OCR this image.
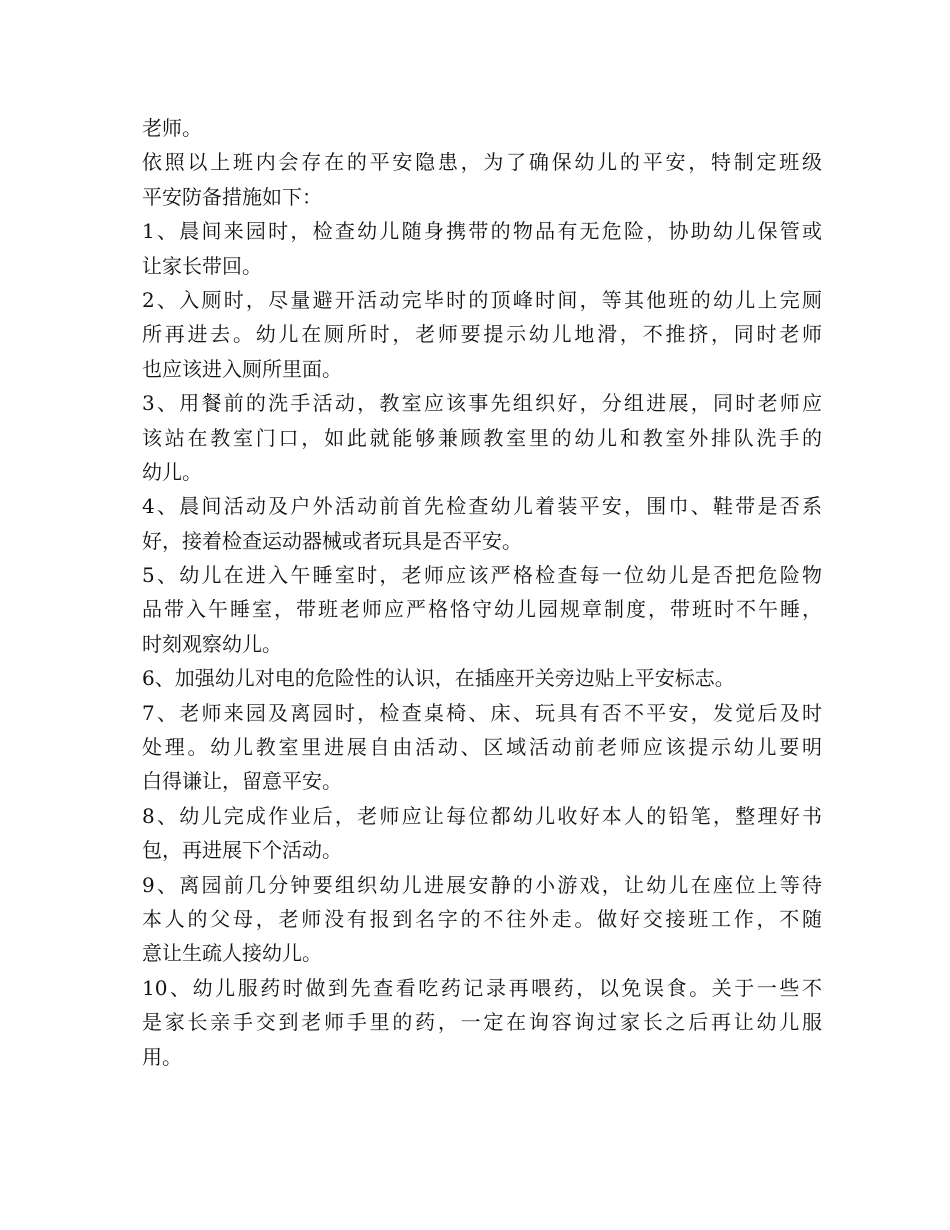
老师。
依照以上班内会存在的平安隐患，为了确保幼儿的平安，特制定班级
平安防备措施如下：
1、晨间来园时，检查幼儿随身携带的物品有无危险，协助幼儿保管或
让家长带回。
2、入厕时，尽量避开活动完毕时的顶峰时间，等其他班的幼儿上完厕
所再进去。幼儿在厕所时，老师要提示幼儿地滑，不推挤，同时老师
也应该进入厕所里面。
3、用餐前的洗手活动，教室应该事先组织好，分组进展，同时老师应
该站在教室门口，如此就能够兼顾教室里的幼儿和教室外排队洗手的
幼儿。
4、晨间活动及户外活动前首先检查幼儿着装平安，围巾、鞋带是否系
好，接着检查运动器械或者玩具是否平安。
5、幼儿在进入午睡室时，老师应该严格检查每一位幼儿是否把危险物
品带入午睡室，带班老师应严格恪守幼儿园规章制度，带班时不午睡，
时刻观察幼儿。
6、加强幼儿对电的危险性的认识，在插座开关旁边贴上平安标志。
7、老师来园及离园时，检查桌椅、床、玩具有否不平安，发觉后及时
处理。幼儿教室里进展自由活动、区域活动前老师应该提示幼儿要明
白得谦让，留意平安。
8、幼儿完成作业后，老师应让每位都幼儿收好本人的铅笔，整理好书
包，再进展下个活动。
9、离园前几分钟要组织幼儿进展安静的小游戏，让幼儿在座位上等待
本人的父母，老师没有报到名字的不往外走。做好交接班工作，不随
意让生疏人接幼儿。
10、幼儿服药时做到先查看吃药记录再喂药，以免误食。关于一些不
是家长亲手交到老师手里的药，一定在询容询过家长之后再让幼儿服
用。
